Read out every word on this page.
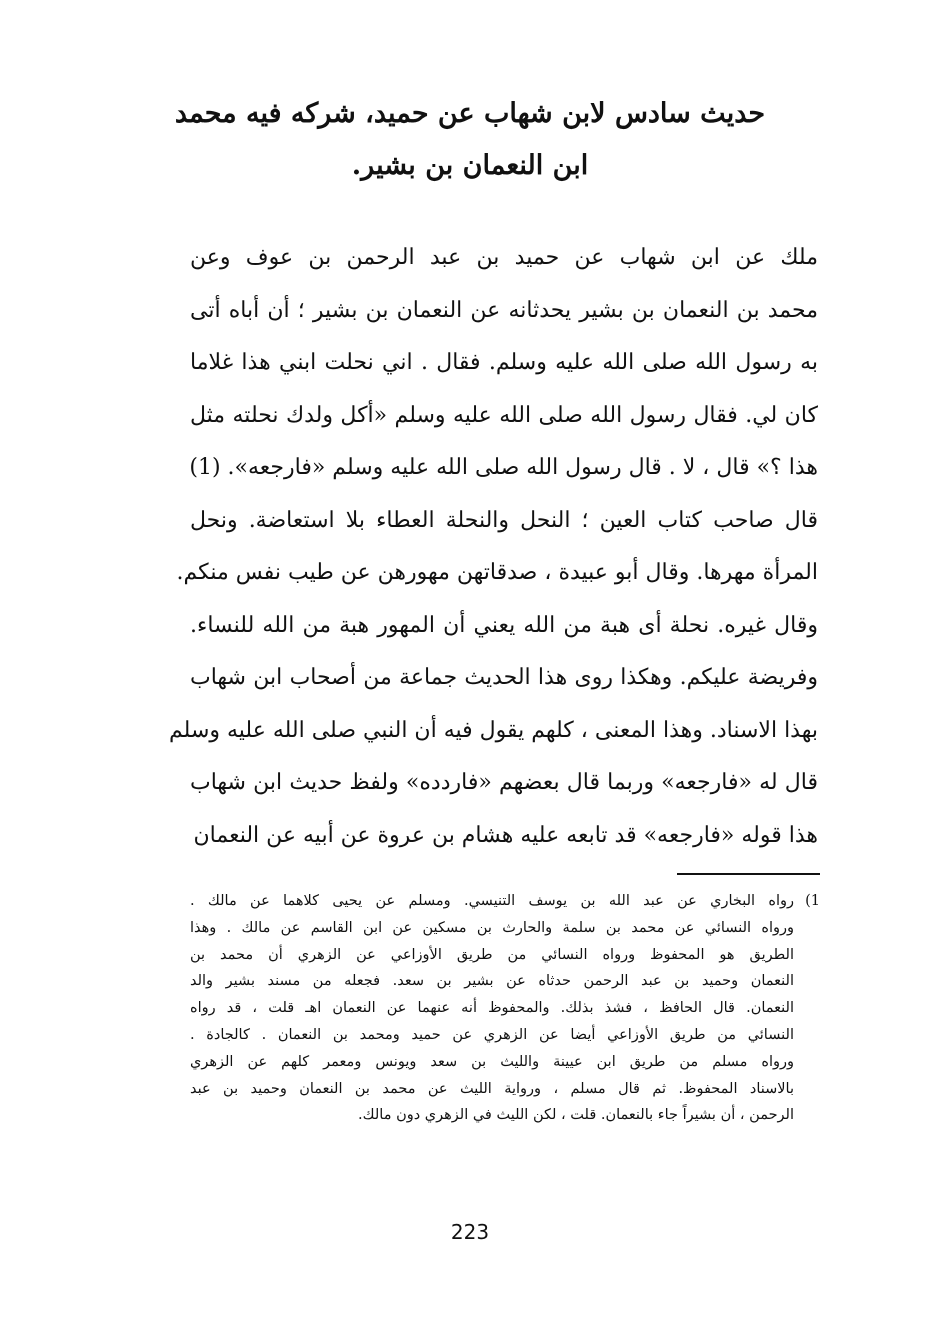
حديث سادس لابن شهاب عن حميد، شركه فيه محمد
ابن النعمان بن بشير.
ملك عن ابن شهاب عن حميد بن عبد الرحمن بن عوف وعن
محمد بن النعمان بن بشير يحدثانه عن النعمان بن بشير ؛ أن أباه أتى
به رسول الله صلى الله عليه وسلم. فقال . اني نحلت ابني هذا غلاما
كان لي. فقال رسول الله صلى الله عليه وسلم «أكل ولدك نحلته مثل
هذا ؟» قال ، لا . قال رسول الله صلى الله عليه وسلم «فارجعه». (1)
قال صاحب كتاب العين ؛ النحل والنحلة العطاء بلا استعاضة. ونحل
المرأة مهرها. وقال أبو عبيدة ، صدقاتهن مهورهن عن طيب نفس منكم.
وقال غيره. نحلة أى هبة من الله يعني أن المهور هبة من الله للنساء.
وفريضة عليكم. وهكذا روى هذا الحديث جماعة من أصحاب ابن شهاب
بهذا الاسناد. وهذا المعنى ، كلهم يقول فيه أن النبي صلى الله عليه وسلم
قال له «فارجعه» وربما قال بعضهم «فاردده» ولفظ حديث ابن شهاب
هذا قوله «فارجعه» قد تابعه عليه هشام بن عروة عن أبيه عن النعمان
1)
رواه البخاري عن عبد الله بن يوسف التنيسي. ومسلم عن يحيى كلاهما عن مالك .
ورواه النسائي عن محمد بن سلمة والحارث بن مسكين عن ابن القاسم عن مالك . وهذا
الطريق هو المحفوظ ورواه النسائي من طريق الأوزاعي عن الزهري أن محمد بن
النعمان وحميد بن عبد الرحمن حدثاه عن بشير بن سعد. فجعله من مسند بشير والد
النعمان. قال الحافظ ، فشذ بذلك. والمحفوظ أنه عنهما عن النعمان اهـ قلت ، قد رواه
النسائي من طريق الأوزاعي أيضا عن الزهري عن حميد ومحمد بن النعمان . كالجادة .
ورواه مسلم من طريق ابن عيينة والليث بن سعد ويونس ومعمر كلهم عن الزهري
بالاسناد المحفوظ. ثم قال مسلم ، ورواية الليث عن محمد بن النعمان وحميد بن عبد
الرحمن ، أن بشيراً جاء بالنعمان. قلت ، لكن الليث في الزهري دون مالك.
223
